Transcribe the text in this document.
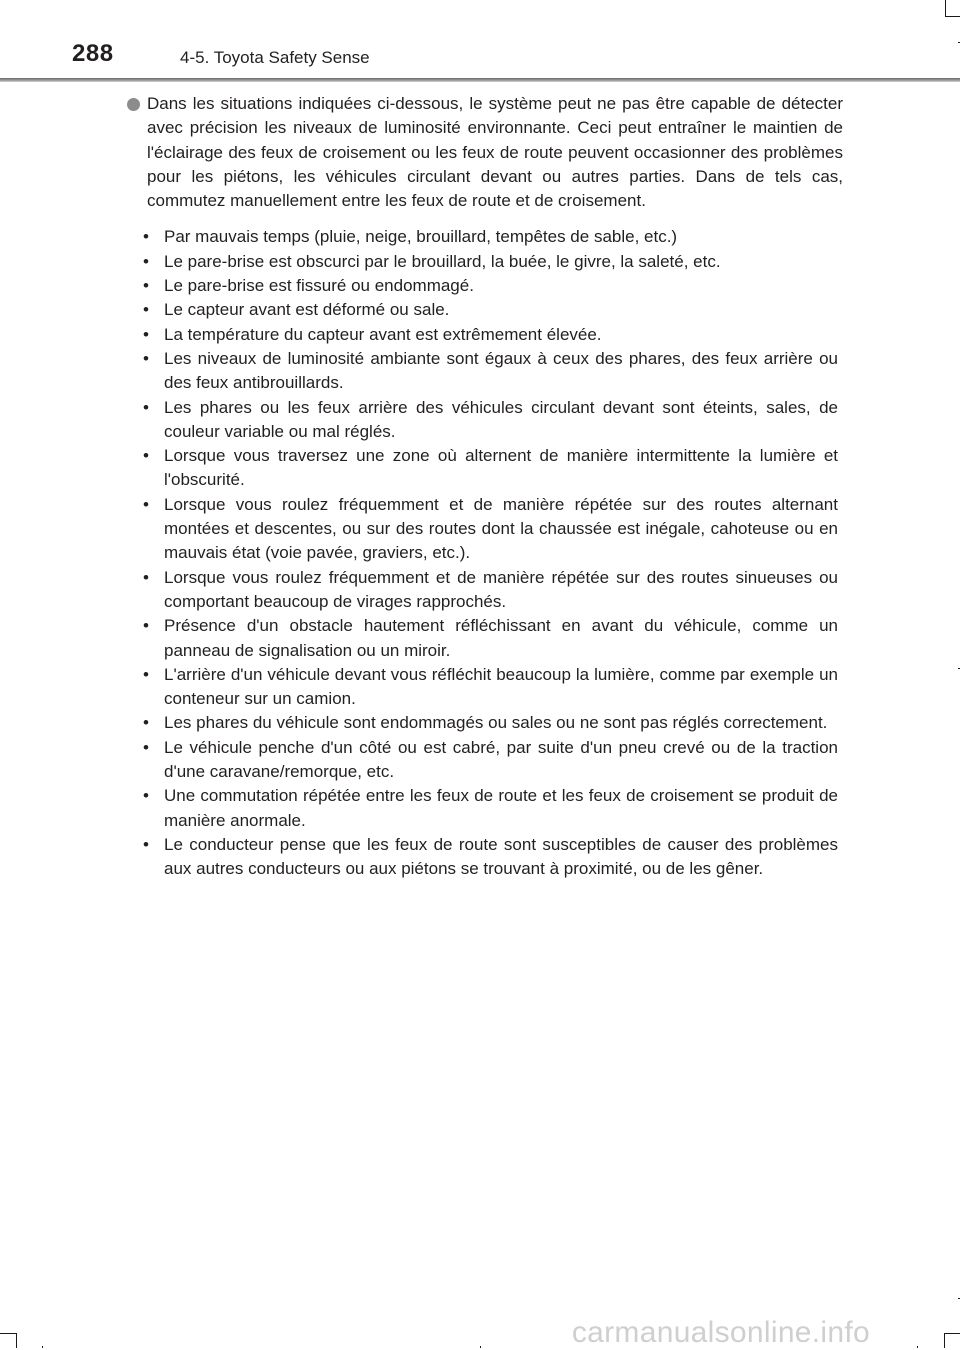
288	4-5. Toyota Safety Sense

Dans les situations indiquées ci-dessous, le système peut ne pas être capable de détecter avec précision les niveaux de luminosité environnante. Ceci peut entraîner le maintien de l'éclairage des feux de croisement ou les feux de route peuvent occasionner des problèmes pour les piétons, les véhicules circulant devant ou autres parties. Dans de tels cas, commutez manuellement entre les feux de route et de croisement.

• Par mauvais temps (pluie, neige, brouillard, tempêtes de sable, etc.)
• Le pare-brise est obscurci par le brouillard, la buée, le givre, la saleté, etc.
• Le pare-brise est fissuré ou endommagé.
• Le capteur avant est déformé ou sale.
• La température du capteur avant est extrêmement élevée.
• Les niveaux de luminosité ambiante sont égaux à ceux des phares, des feux arrière ou des feux antibrouillards.
• Les phares ou les feux arrière des véhicules circulant devant sont éteints, sales, de couleur variable ou mal réglés.
• Lorsque vous traversez une zone où alternent de manière intermittente la lumière et l'obscurité.
• Lorsque vous roulez fréquemment et de manière répétée sur des routes alternant montées et descentes, ou sur des routes dont la chaussée est inégale, cahoteuse ou en mauvais état (voie pavée, graviers, etc.).
• Lorsque vous roulez fréquemment et de manière répétée sur des routes sinueuses ou comportant beaucoup de virages rapprochés.
• Présence d'un obstacle hautement réfléchissant en avant du véhicule, comme un panneau de signalisation ou un miroir.
• L'arrière d'un véhicule devant vous réfléchit beaucoup la lumière, comme par exemple un conteneur sur un camion.
• Les phares du véhicule sont endommagés ou sales ou ne sont pas réglés correctement.
• Le véhicule penche d'un côté ou est cabré, par suite d'un pneu crevé ou de la traction d'une caravane/remorque, etc.
• Une commutation répétée entre les feux de route et les feux de croisement se produit de manière anormale.
• Le conducteur pense que les feux de route sont susceptibles de causer des problèmes aux autres conducteurs ou aux piétons se trouvant à proximité, ou de les gêner.
carmanualsonline.info
